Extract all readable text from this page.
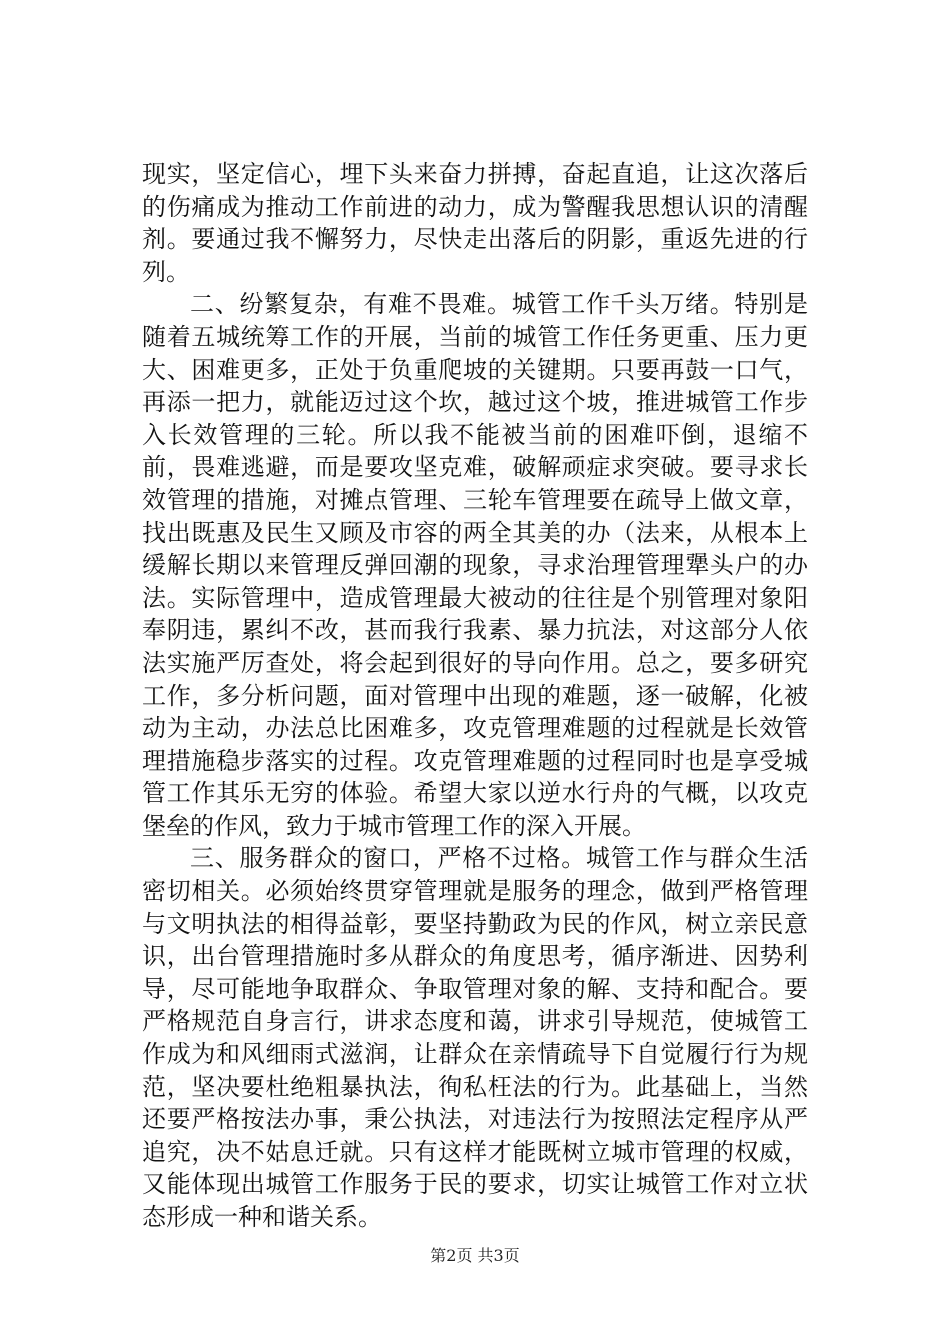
现实，坚定信心，埋下头来奋力拼搏，奋起直追，让这次落后的伤痛成为推动工作前进的动力，成为警醒我思想认识的清醒剂。要通过我不懈努力，尽快走出落后的阴影，重返先进的行列。

二、纷繁复杂，有难不畏难。城管工作千头万绪。特别是随着五城统筹工作的开展，当前的城管工作任务更重、压力更大、困难更多，正处于负重爬坡的关键期。只要再鼓一口气，再添一把力，就能迈过这个坎，越过这个坡，推进城管工作步入长效管理的三轮。所以我不能被当前的困难吓倒，退缩不前，畏难逃避，而是要攻坚克难，破解顽症求突破。要寻求长效管理的措施，对摊点管理、三轮车管理要在疏导上做文章，找出既惠及民生又顾及市容的两全其美的办（法来，从根本上缓解长期以来管理反弹回潮的现象，寻求治理管理犟头户的办法。实际管理中，造成管理最大被动的往往是个别管理对象阳奉阴违，累纠不改，甚而我行我素、暴力抗法，对这部分人依法实施严厉查处，将会起到很好的导向作用。总之，要多研究工作，多分析问题，面对管理中出现的难题，逐一破解，化被动为主动，办法总比困难多，攻克管理难题的过程就是长效管理措施稳步落实的过程。攻克管理难题的过程同时也是享受城管工作其乐无穷的体验。希望大家以逆水行舟的气概，以攻克堡垒的作风，致力于城市管理工作的深入开展。

三、服务群众的窗口，严格不过格。城管工作与群众生活密切相关。必须始终贯穿管理就是服务的理念，做到严格管理与文明执法的相得益彰，要坚持勤政为民的作风，树立亲民意识，出台管理措施时多从群众的角度思考，循序渐进、因势利导，尽可能地争取群众、争取管理对象的解、支持和配合。要严格规范自身言行，讲求态度和蔼，讲求引导规范，使城管工作成为和风细雨式滋润，让群众在亲情疏导下自觉履行行为规范，坚决要杜绝粗暴执法，徇私枉法的行为。此基础上，当然还要严格按法办事，秉公执法，对违法行为按照法定程序从严追究，决不姑息迁就。只有这样才能既树立城市管理的权威，又能体现出城管工作服务于民的要求，切实让城管工作对立状态形成一种和谐关系。

第2页 共3页
